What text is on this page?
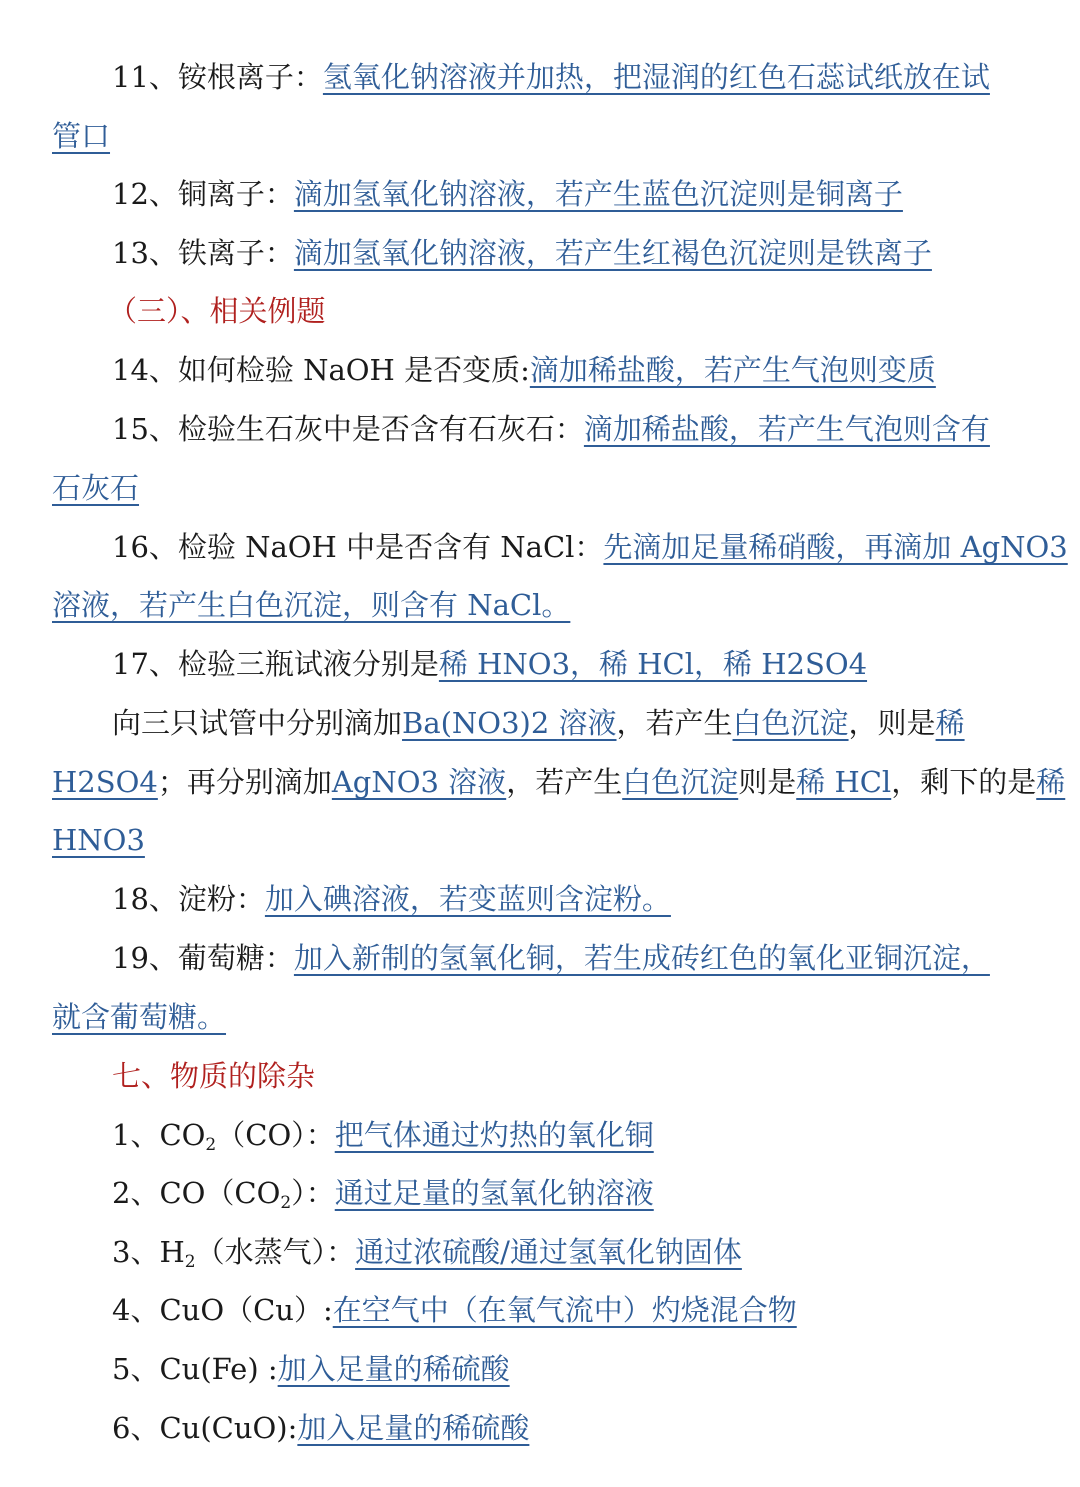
11、铵根离子：氢氧化钠溶液并加热，把湿润的红色石蕊试纸放在试
管口
12、铜离子：滴加氢氧化钠溶液，若产生蓝色沉淀则是铜离子
13、铁离子：滴加氢氧化钠溶液，若产生红褐色沉淀则是铁离子
（三）、相关例题
14、如何检验 NaOH 是否变质:滴加稀盐酸，若产生气泡则变质
15、检验生石灰中是否含有石灰石：滴加稀盐酸，若产生气泡则含有
石灰石
16、检验 NaOH 中是否含有 NaCl：先滴加足量稀硝酸，再滴加 AgNO3
溶液，若产生白色沉淀，则含有 NaCl。
17、检验三瓶试液分别是稀 HNO3，稀 HCl，稀 H2SO4
向三只试管中分别滴加Ba(NO3)2 溶液，若产生白色沉淀，则是稀
H2SO4；再分别滴加AgNO3 溶液，若产生白色沉淀则是稀 HCl，剩下的是稀
HNO3
18、淀粉：加入碘溶液，若变蓝则含淀粉。
19、葡萄糖：加入新制的氢氧化铜，若生成砖红色的氧化亚铜沉淀，
就含葡萄糖。
七、物质的除杂
1、$CO_2(CO)$：把气体通过灼热的氧化铜
2、$CO(CO_2)$：通过足量的氢氧化钠溶液
3、$H_2$（水蒸气）：通过浓硫酸/通过氢氧化钠固体
4、CuO（Cu）:在空气中（在氧气流中）灼烧混合物
5、Cu(Fe) :加入足量的稀硫酸
6、Cu(CuO):加入足量的稀硫酸
